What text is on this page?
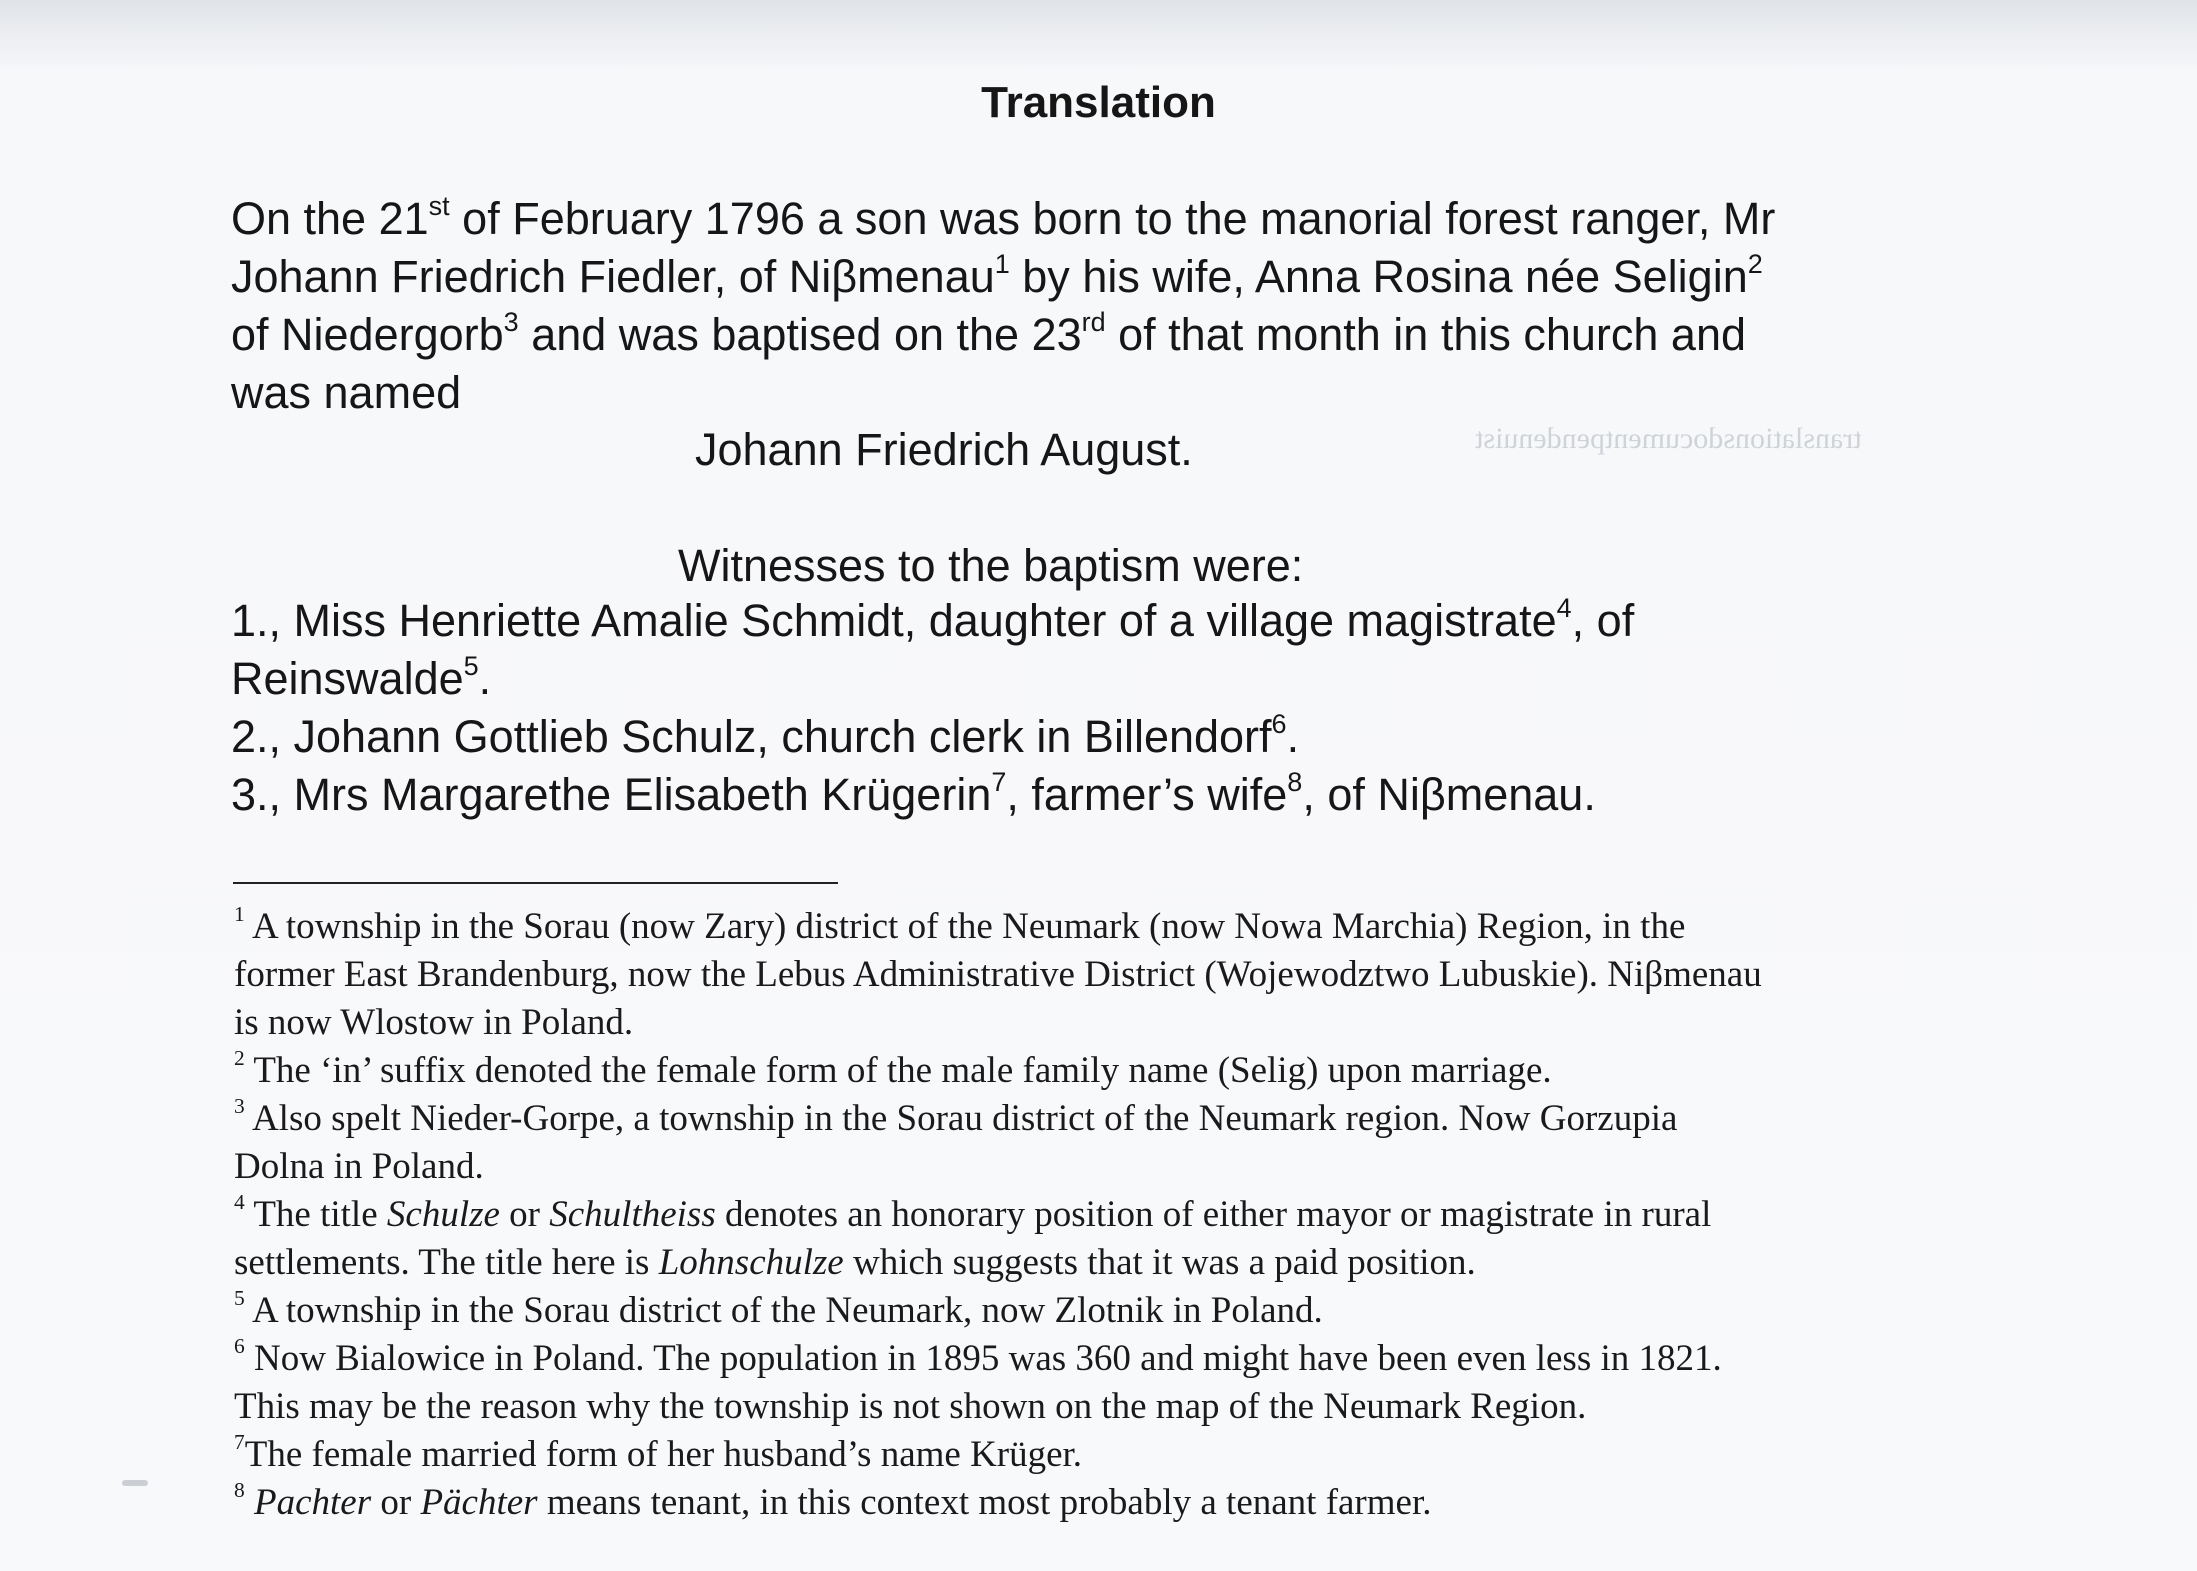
Translation
On the 21st of February 1796 a son was born to the manorial forest ranger, Mr
Johann Friedrich Fiedler, of Niβmenau$^1$ by his wife, Anna Rosina née Seligin$^2$
of Niedergorb$^3$ and was baptised on the 23rd of that month in this church and
was named
Johann Friedrich August.	translationsdocumentpendenuist
Witnesses to the baptism were:
1., Miss Henriette Amalie Schmidt, daughter of a village magistrate$^4$, of
Reinswalde$^5$.
2., Johann Gottlieb Schulz, church clerk in Billendorf$^6$.
3., Mrs Margarethe Elisabeth Krügerin$^7$, farmer’s wife$^8$, of Niβmenau.
$^1$ A township in the Sorau (now Zary) district of the Neumark (now Nowa Marchia) Region, in the
former East Brandenburg, now the Lebus Administrative District (Wojewodztwo Lubuskie). Niβmenau
is now Wlostow in Poland.
$^2$ The ‘in’ suffix denoted the female form of the male family name (Selig) upon marriage.
$^3$ Also spelt Nieder-Gorpe, a township in the Sorau district of the Neumark region. Now Gorzupia
Dolna in Poland.
$^4$ The title Schulze or Schultheiss denotes an honorary position of either mayor or magistrate in rural
settlements. The title here is Lohnschulze which suggests that it was a paid position.
$^5$ A township in the Sorau district of the Neumark, now Zlotnik in Poland.
$^6$ Now Bialowice in Poland. The population in 1895 was 360 and might have been even less in 1821.
This may be the reason why the township is not shown on the map of the Neumark Region.
$^7$The female married form of her husband’s name Krüger.
$^8$ Pachter or Pächter means tenant, in this context most probably a tenant farmer.
